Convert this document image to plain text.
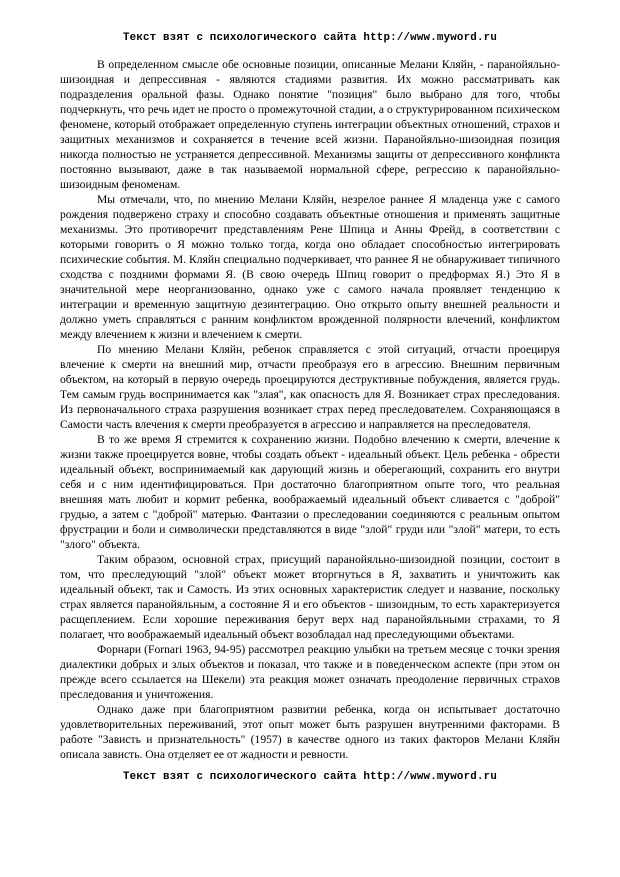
Текст взят с психологического сайта http://www.myword.ru

В определенном смысле обе основные позиции, описанные Мелани Кляйн, - паранойяльно-шизоидная и депрессивная - являются стадиями развития. Их можно рассматривать как подразделения оральной фазы. Однако понятие "позиция" было выбрано для того, чтобы подчеркнуть, что речь идет не просто о промежуточной стадии, а о структурированном психическом феномене, который отображает определенную ступень интеграции объектных отношений, страхов и защитных механизмов и сохраняется в течение всей жизни. Паранойяльно-шизоидная позиция никогда полностью не устраняется депрессивной. Механизмы защиты от депрессивного конфликта постоянно вызывают, даже в так называемой нормальной сфере, регрессию к паранойяльно-шизоидным феноменам.

Мы отмечали, что, по мнению Мелани Кляйн, незрелое раннее Я младенца уже с самого рождения подвержено страху и способно создавать объектные отношения и применять защитные механизмы. Это противоречит представлениям Рене Шпица и Анны Фрейд, в соответствии с которыми говорить о Я можно только тогда, когда оно обладает способностью интегрировать психические события. М. Кляйн специально подчеркивает, что раннее Я не обнаруживает типичного сходства с поздними формами Я. (В свою очередь Шпиц говорит о предформах Я.) Это Я в значительной мере неорганизованно, однако уже с самого начала проявляет тенденцию к интеграции и временную защитную дезинтеграцию. Оно открыто опыту внешней реальности и должно уметь справляться с ранним конфликтом врожденной полярности влечений, конфликтом между влечением к жизни и влечением к смерти.

По мнению Мелани Кляйн, ребенок справляется с этой ситуаций, отчасти проецируя влечение к смерти на внешний мир, отчасти преобразуя его в агрессию. Внешним первичным объектом, на который в первую очередь проецируются деструктивные побуждения, является грудь. Тем самым грудь воспринимается как "злая", как опасность для Я. Возникает страх преследования. Из первоначального страха разрушения возникает страх перед преследователем. Сохраняющаяся в Самости часть влечения к смерти преобразуется в агрессию и направляется на преследователя.

В то же время Я стремится к сохранению жизни. Подобно влечению к смерти, влечение к жизни также проецируется вовне, чтобы создать объект - идеальный объект. Цель ребенка - обрести идеальный объект, воспринимаемый как дарующий жизнь и оберегающий, сохранить его внутри себя и с ним идентифицироваться. При достаточно благоприятном опыте того, что реальная внешняя мать любит и кормит ребенка, воображаемый идеальный объект сливается с "доброй" грудью, а затем с "доброй" матерью. Фантазии о преследовании соединяются с реальным опытом фрустрации и боли и символически представляются в виде "злой" груди или "злой" матери, то есть "злого" объекта.

Таким образом, основной страх, присущий паранойяльно-шизоидной позиции, состоит в том, что преследующий "злой" объект может вторгнуться в Я, захватить и уничтожить как идеальный объект, так и Самость. Из этих основных характеристик следует и название, поскольку страх является паранойяльным, а состояние Я и его объектов - шизоидным, то есть характеризуется расщеплением. Если хорошие переживания берут верх над паранойяльными страхами, то Я полагает, что воображаемый идеальный объект возобладал над преследующими объектами.

Форнари (Fornari 1963, 94-95) рассмотрел реакцию улыбки на третьем месяце с точки зрения диалектики добрых и злых объектов и показал, что также и в поведенческом аспекте (при этом он прежде всего ссылается на Шекели) эта реакция может означать преодоление первичных страхов преследования и уничтожения.

Однако даже при благоприятном развитии ребенка, когда он испытывает достаточно удовлетворительных переживаний, этот опыт может быть разрушен внутренними факторами. В работе "Зависть и признательность" (1957) в качестве одного из таких факторов Мелани Кляйн описала зависть. Она отделяет ее от жадности и ревности.

Текст взят с психологического сайта http://www.myword.ru
